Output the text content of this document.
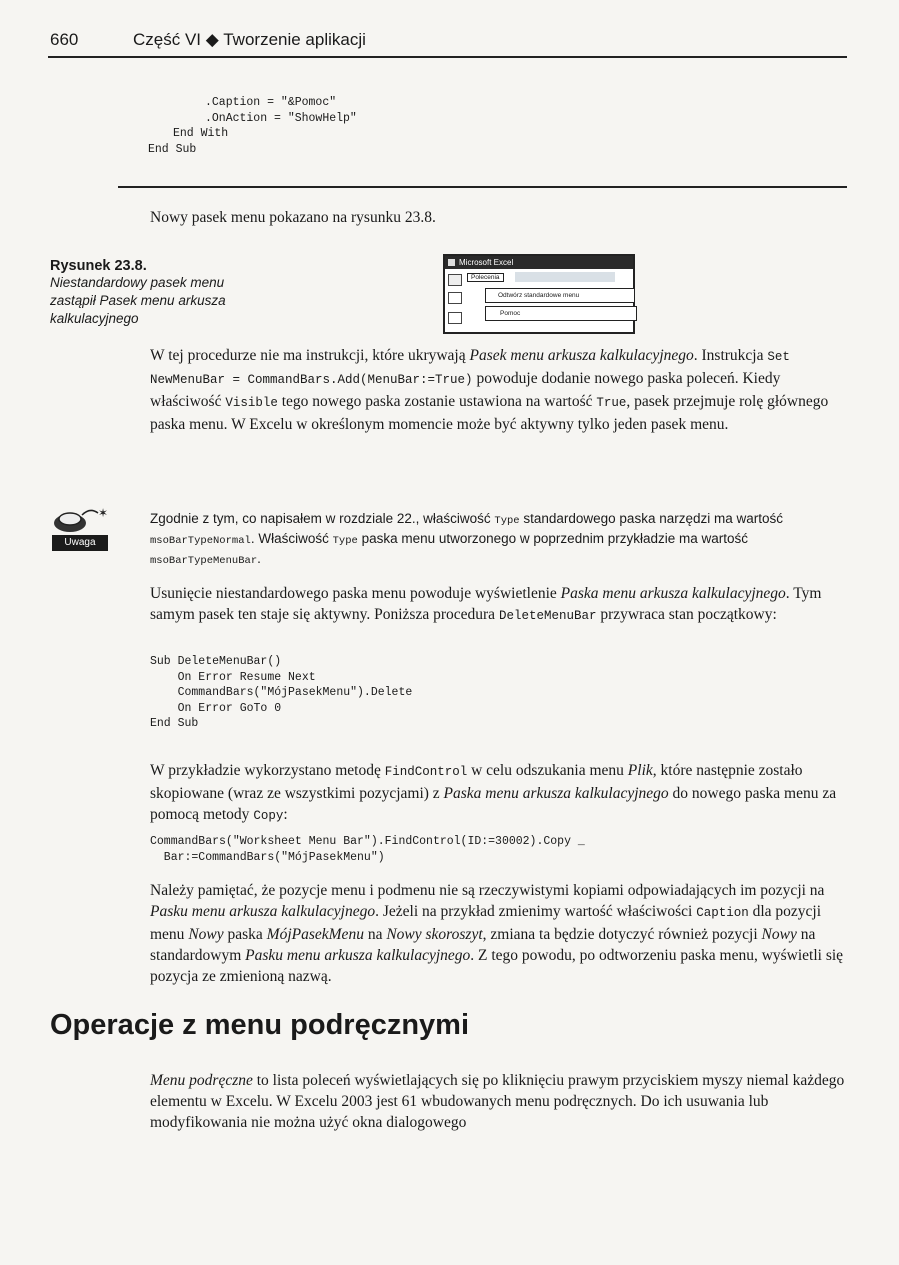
660	Część VI ◆ Tworzenie aplikacji
.Caption = "&Pomoc"
.OnAction = "ShowHelp"
End With
End Sub
Nowy pasek menu pokazano na rysunku 23.8.
Rysunek 23.8.
Niestandardowy pasek menu zastąpił Pasek menu arkusza kalkulacyjnego
Microsoft Excel
Polecenia
Odtwórz standardowe menu
Pomoc
W tej procedurze nie ma instrukcji, które ukrywają Pasek menu arkusza kalkulacyjnego. Instrukcja Set NewMenuBar = CommandBars.Add(MenuBar:=True) powoduje dodanie nowego paska poleceń. Kiedy właściwość Visible tego nowego paska zostanie ustawiona na wartość True, pasek przejmuje rolę głównego paska menu. W Excelu w określonym momencie może być aktywny tylko jeden pasek menu.
✶
Uwaga
Zgodnie z tym, co napisałem w rozdziale 22., właściwość Type standardowego paska narzędzi ma wartość msoBarTypeNormal. Właściwość Type paska menu utworzonego w poprzednim przykładzie ma wartość msoBarTypeMenuBar.
Usunięcie niestandardowego paska menu powoduje wyświetlenie Paska menu arkusza kalkulacyjnego. Tym samym pasek ten staje się aktywny. Poniższa procedura DeleteMenuBar przywraca stan początkowy:
Sub DeleteMenuBar()
On Error Resume Next
CommandBars("MójPasekMenu").Delete
On Error GoTo 0
End Sub
W przykładzie wykorzystano metodę FindControl w celu odszukania menu Plik, które następnie zostało skopiowane (wraz ze wszystkimi pozycjami) z Paska menu arkusza kalkulacyjnego do nowego paska menu za pomocą metody Copy:
CommandBars("Worksheet Menu Bar").FindControl(ID:=30002).Copy _
Bar:=CommandBars("MójPasekMenu")
Należy pamiętać, że pozycje menu i podmenu nie są rzeczywistymi kopiami odpowiadających im pozycji na Pasku menu arkusza kalkulacyjnego. Jeżeli na przykład zmienimy wartość właściwości Caption dla pozycji menu Nowy paska MójPasekMenu na Nowy skoroszyt, zmiana ta będzie dotyczyć również pozycji Nowy na standardowym Pasku menu arkusza kalkulacyjnego. Z tego powodu, po odtworzeniu paska menu, wyświetli się pozycja ze zmienioną nazwą.
Operacje z menu podręcznymi
Menu podręczne to lista poleceń wyświetlających się po kliknięciu prawym przyciskiem myszy niemal każdego elementu w Excelu. W Excelu 2003 jest 61 wbudowanych menu podręcznych. Do ich usuwania lub modyfikowania nie można użyć okna dialogowego
